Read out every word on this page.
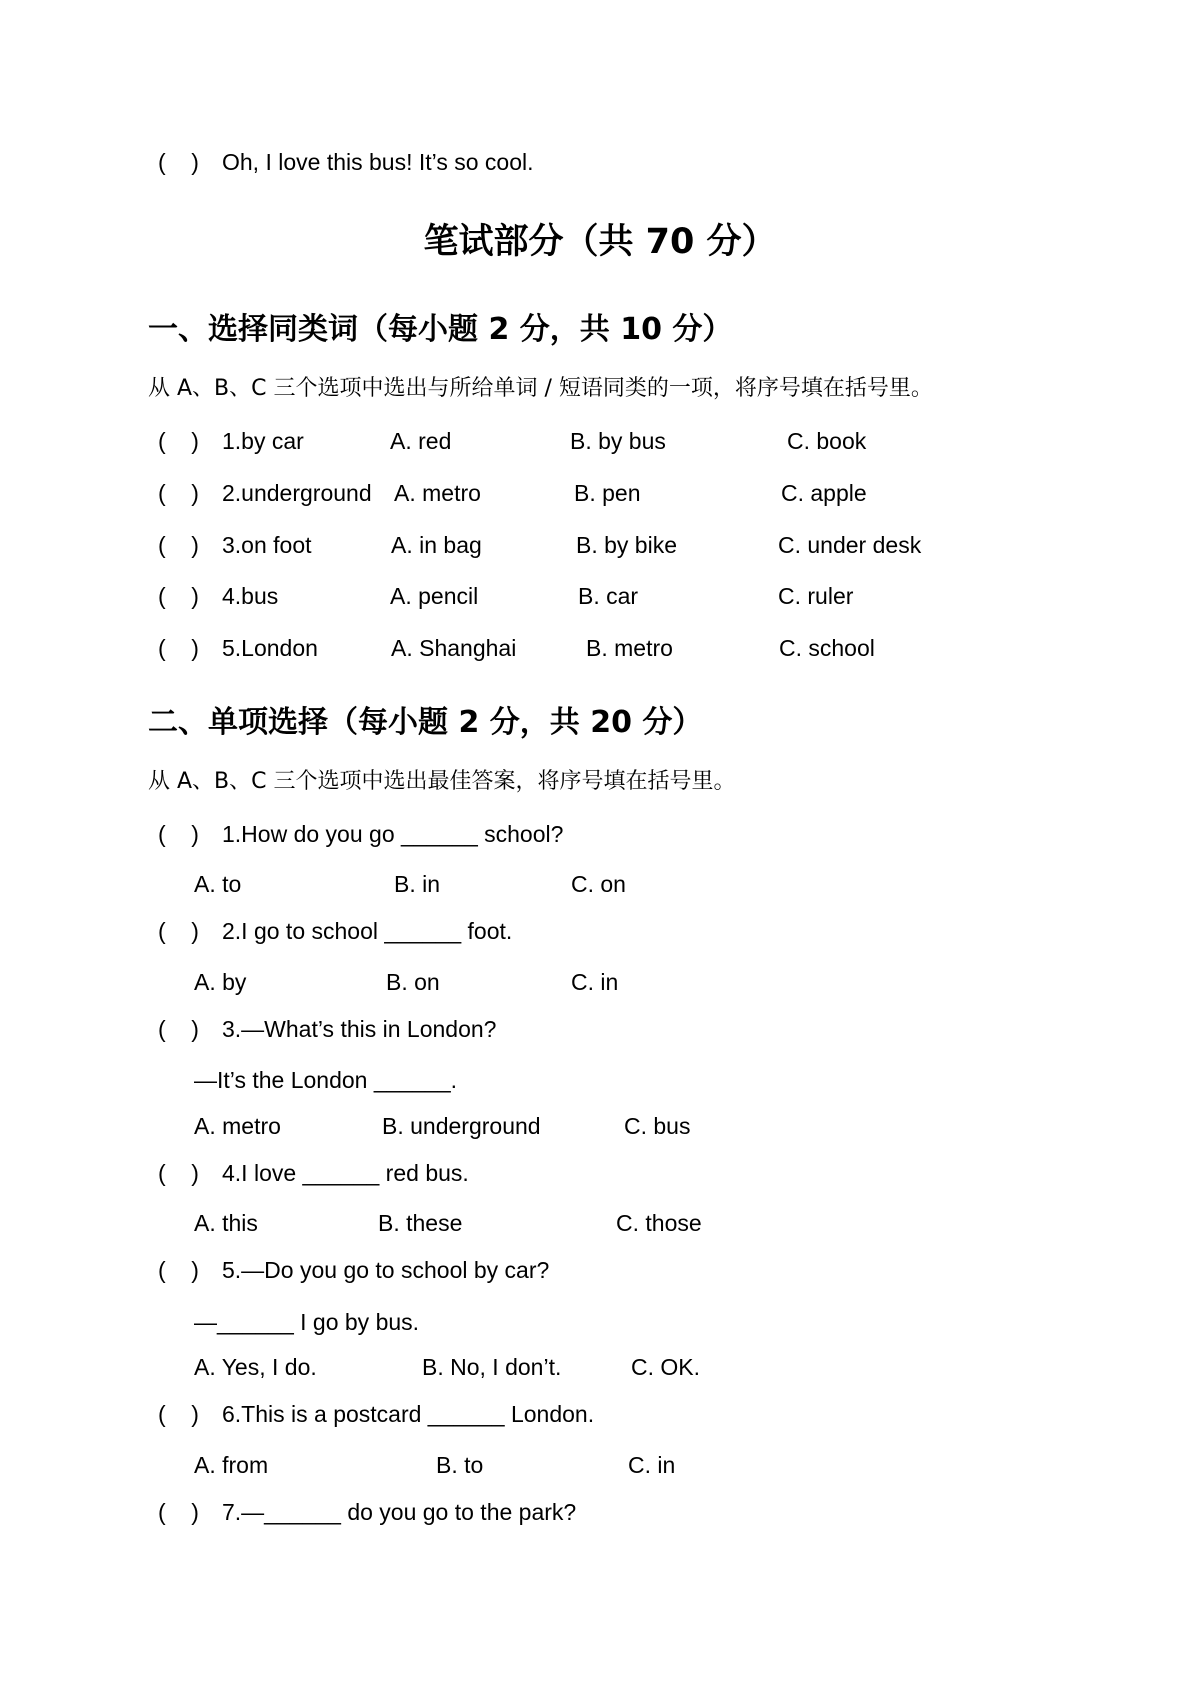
(    ) Oh, I love this bus! It’s so cool.
笔试部分（共 70 分）
一、选择同类词（每小题 2 分，共 10 分）
从 A、B、C 三个选项中选出与所给单词 / 短语同类的一项，将序号填在括号里。
(    ) 1.by car	A. red	B. by bus	C. book
(    ) 2.underground A. metro	B. pen	C. apple
(    ) 3.on foot	A. in bag	B. by bike	C. under desk
(    ) 4.bus	A. pencil	B. car	C. ruler
(    ) 5.London	A. Shanghai	B. metro	C. school
二、单项选择（每小题 2 分，共 20 分）
从 A、B、C 三个选项中选出最佳答案，将序号填在括号里。
(    ) 1.How do you go ______ school?
A. to	B. in	C. on
(    ) 2.I go to school ______ foot.
A. by	B. on	C. in
(    ) 3.—What’s this in London?
—It’s the London ______.
A. metro	B. underground	C. bus
(    ) 4.I love ______ red bus.
A. this	B. these	C. those
(    ) 5.—Do you go to school by car?
—______ I go by bus.
A. Yes, I do.	B. No, I don’t.	C. OK.
(    ) 6.This is a postcard ______ London.
A. from	B. to	C. in
(    ) 7.—______ do you go to the park?
